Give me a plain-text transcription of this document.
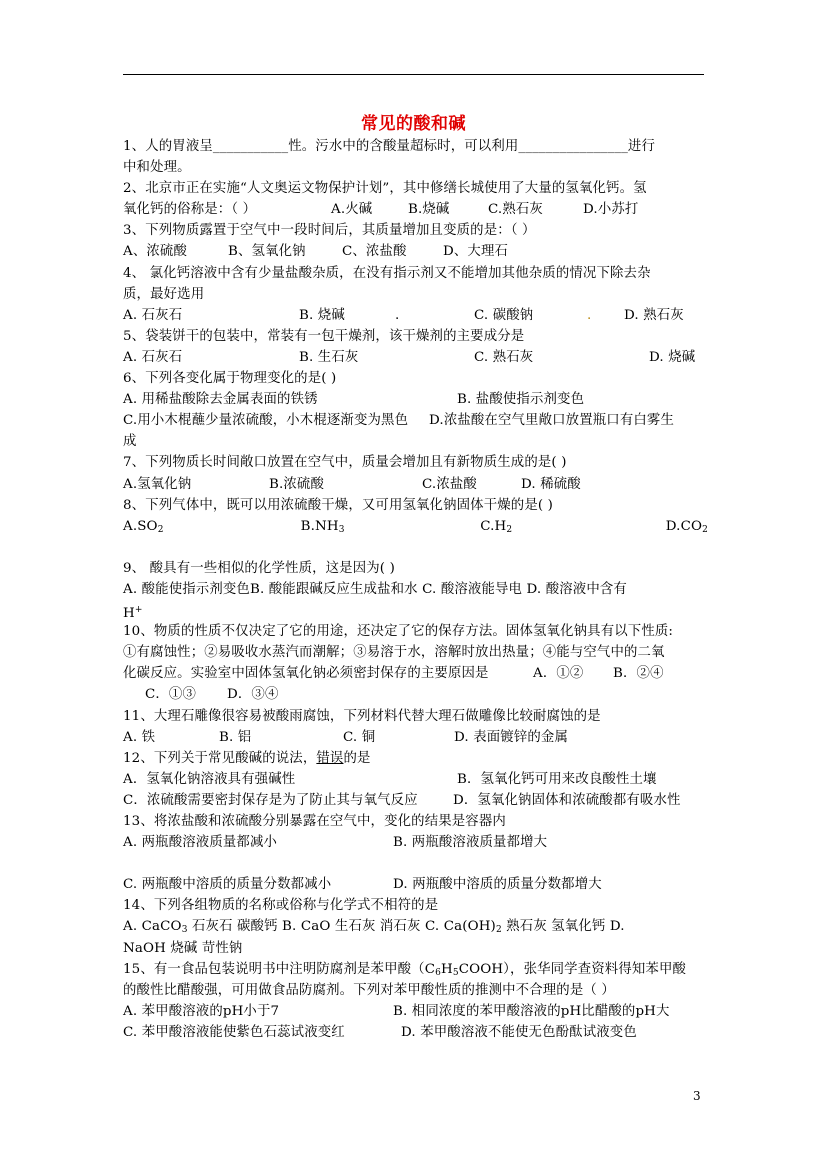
常见的酸和碱
1、人的胃液呈___________性。污水中的含酸量超标时，可以利用________________进行
中和处理。
2、北京市正在实施“人文奥运文物保护计划”，其中修缮长城使用了大量的氢氧化钙。氢
氧化钙的俗称是：（ ）	A.火碱	B.烧碱	C.熟石灰	D.小苏打
3、下列物质露置于空气中一段时间后，其质量增加且变质的是：（ ）
A、浓硫酸	B、氢氧化钠	C、浓盐酸	D、大理石
4、 氯化钙溶液中含有少量盐酸杂质，在没有指示剂又不能增加其他杂质的情况下除去杂
质，最好选用
A. 石灰石	B. 烧碱	.	C. 碳酸钠	.	D. 熟石灰
5、袋装饼干的包装中，常装有一包干燥剂，该干燥剂的主要成分是
A. 石灰石	B. 生石灰	C. 熟石灰	D. 烧碱
6、下列各变化属于物理变化的是( )
A. 用稀盐酸除去金属表面的铁锈	B. 盐酸使指示剂变色
C.用小木棍蘸少量浓硫酸，小木棍逐渐变为黑色	D.浓盐酸在空气里敞口放置瓶口有白雾生
成
7、下列物质长时间敞口放置在空气中，质量会增加且有新物质生成的是( )
A.氢氧化钠	B.浓硫酸	C.浓盐酸	D. 稀硫酸
8、下列气体中，既可以用浓硫酸干燥，又可用氢氧化钠固体干燥的是( )
$A.SO_2$	$B.NH_3$	$C.H_2$	$D.CO_2$
9、 酸具有一些相似的化学性质，这是因为( )
A. 酸能使指示剂变色B. 酸能跟碱反应生成盐和水 C. 酸溶液能导电 D. 酸溶液中含有
H+
10、物质的性质不仅决定了它的用途，还决定了它的保存方法。固体氢氧化钠具有以下性质:
①有腐蚀性；②易吸收水蒸汽而潮解；③易溶于水，溶解时放出热量；④能与空气中的二氧
化碳反应。实验室中固体氢氧化钠必须密封保存的主要原因是	A．①②	B．②④
C．①③	D．③④
11、大理石雕像很容易被酸雨腐蚀，下列材料代替大理石做雕像比较耐腐蚀的是
A. 铁	B. 铝	C. 铜	D. 表面镀锌的金属
12、下列关于常见酸碱的说法，错误的是
A．氢氧化钠溶液具有强碱性	B．氢氧化钙可用来改良酸性土壤
C．浓硫酸需要密封保存是为了防止其与氧气反应	D．氢氧化钠固体和浓硫酸都有吸水性
13、将浓盐酸和浓硫酸分别暴露在空气中，变化的结果是容器内
A. 两瓶酸溶液质量都减小	B. 两瓶酸溶液质量都增大
C. 两瓶酸中溶质的质量分数都减小	D. 两瓶酸中溶质的质量分数都增大
14、下列各组物质的名称或俗称与化学式不相符的是
A. CaCO$_3$ 石灰石 碳酸钙 B. CaO 生石灰 消石灰 C. $Ca(OH)_2$ 熟石灰 氢氧化钙 D.
NaOH 烧碱 苛性钠
15、有一食品包装说明书中注明防腐剂是苯甲酸$(C_6H_5COOH)$，张华同学查资料得知苯甲酸
的酸性比醋酸强，可用做食品防腐剂。下列对苯甲酸性质的推测中不合理的是（ ）
A. 苯甲酸溶液的pH小于7	B. 相同浓度的苯甲酸溶液的pH比醋酸的pH大
C. 苯甲酸溶液能使紫色石蕊试液变红	D. 苯甲酸溶液不能使无色酚酞试液变色
3
